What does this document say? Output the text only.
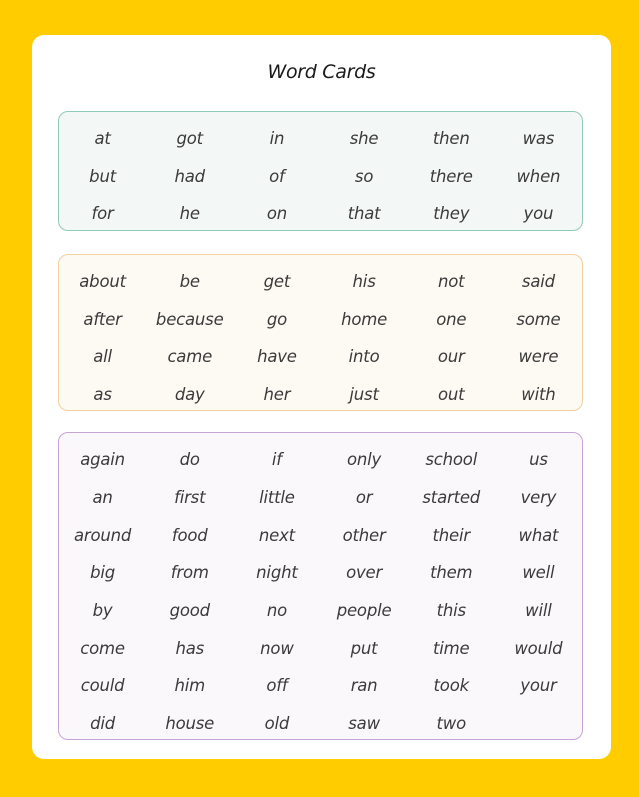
Word Cards
at	got	in	she	then	was
but	had	of	so	there	when
for	he	on	that	they	you
about	be	get	his	not	said
after	because	go	home	one	some
all	came	have	into	our	were
as	day	her	just	out	with
again	do	if	only	school	us
an	first	little	or	started	very
around	food	next	other	their	what
big	from	night	over	them	well
by	good	no	people	this	will
come	has	now	put	time	would
could	him	off	ran	took	your
did	house	old	saw	two
